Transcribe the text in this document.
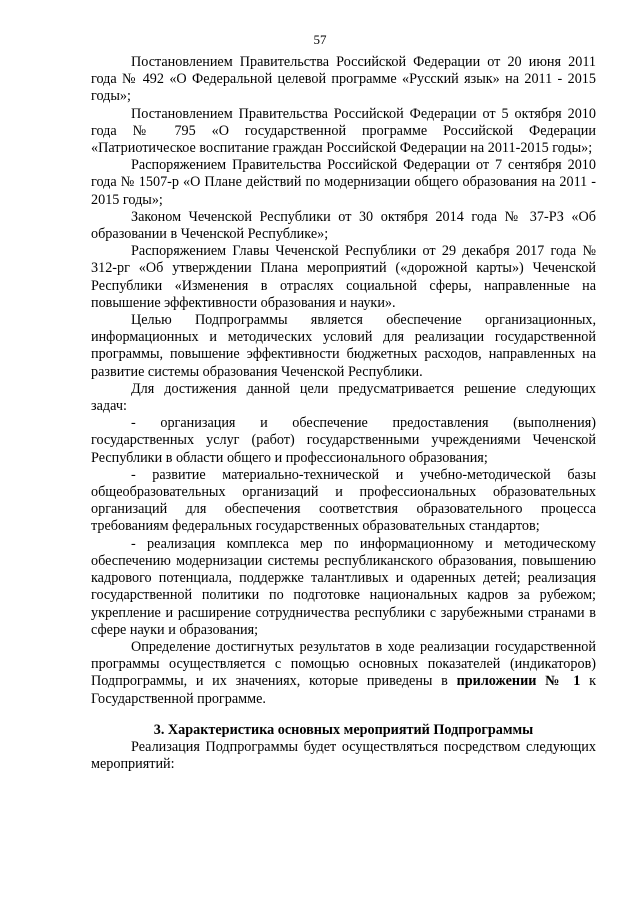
57

Постановлением Правительства Российской Федерации от 20 июня 2011 года № 492 «О Федеральной целевой программе «Русский язык» на 2011 - 2015 годы»;

Постановлением Правительства Российской Федерации от 5 октября 2010 года № 795 «О государственной программе Российской Федерации «Патриотическое воспитание граждан Российской Федерации на 2011-2015 годы»;

Распоряжением Правительства Российской Федерации от 7 сентября 2010 года № 1507-р «О Плане действий по модернизации общего образования на 2011 - 2015 годы»;

Законом Чеченской Республики от 30 октября 2014 года № 37-РЗ «Об образовании в Чеченской Республике»;

Распоряжением Главы Чеченской Республики от 29 декабря 2017 года № 312-рг «Об утверждении Плана мероприятий («дорожной карты») Чеченской Республики «Изменения в отраслях социальной сферы, направленные на повышение эффективности образования и науки».

Целью Подпрограммы является обеспечение организационных, информационных и методических условий для реализации государственной программы, повышение эффективности бюджетных расходов, направленных на развитие системы образования Чеченской Республики.

Для достижения данной цели предусматривается решение следующих задач:

- организация и обеспечение предоставления (выполнения) государственных услуг (работ) государственными учреждениями Чеченской Республики в области общего и профессионального образования;

- развитие материально-технической и учебно-методической базы общеобразовательных организаций и профессиональных образовательных организаций для обеспечения соответствия образовательного процесса требованиям федеральных государственных образовательных стандартов;

- реализация комплекса мер по информационному и методическому обеспечению модернизации системы республиканского образования, повышению кадрового потенциала, поддержке талантливых и одаренных детей; реализация государственной политики по подготовке национальных кадров за рубежом; укрепление и расширение сотрудничества республики с зарубежными странами в сфере науки и образования;

Определение достигнутых результатов в ходе реализации государственной программы осуществляется с помощью основных показателей (индикаторов) Подпрограммы, и их значениях, которые приведены в приложении № 1 к Государственной программе.

3. Характеристика основных мероприятий Подпрограммы

Реализация Подпрограммы будет осуществляться посредством следующих мероприятий:
